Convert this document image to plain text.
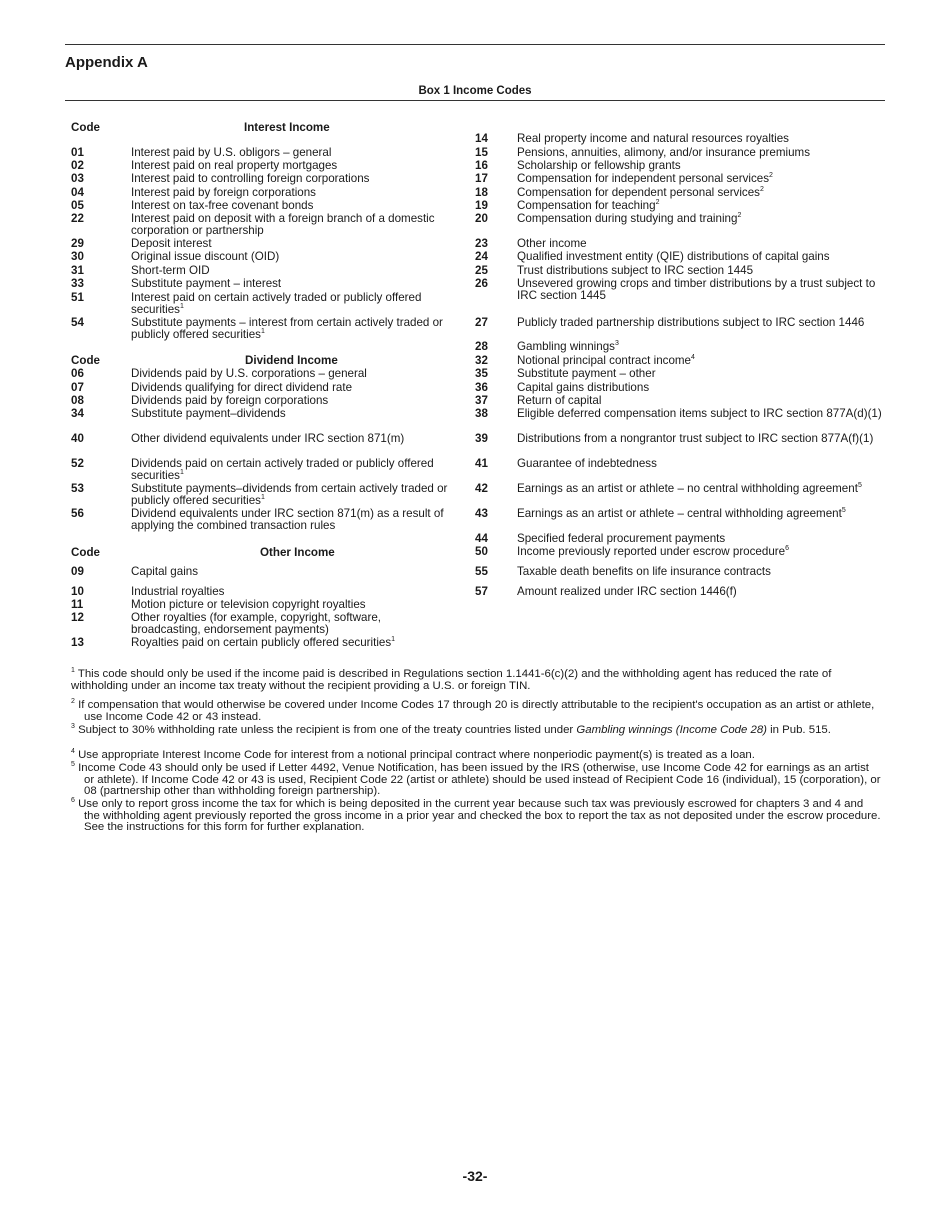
Appendix A
Box 1 Income Codes
Code	Interest Income
Code	Dividend Income
Code	Other Income
01	Interest paid by U.S. obligors – general
02	Interest paid on real property mortgages
03	Interest paid to controlling foreign corporations
04	Interest paid by foreign corporations
05	Interest on tax-free covenant bonds
22	Interest paid on deposit with a foreign branch of a domestic corporation or partnership
29	Deposit interest
30	Original issue discount (OID)
31	Short-term OID
33	Substitute payment – interest
51	Interest paid on certain actively traded or publicly offered securities$^1$
54	Substitute payments – interest from certain actively traded or publicly offered securities$^1$
06	Dividends paid by U.S. corporations – general
07	Dividends qualifying for direct dividend rate
08	Dividends paid by foreign corporations
34	Substitute payment–dividends
40	Other dividend equivalents under IRC section 871(m)
52	Dividends paid on certain actively traded or publicly offered securities$^1$
53	Substitute payments–dividends from certain actively traded or publicly offered securities$^1$
56	Dividend equivalents under IRC section 871(m) as a result of applying the combined transaction rules
09	Capital gains
10	Industrial royalties
11	Motion picture or television copyright royalties
12	Other royalties (for example, copyright, software, broadcasting, endorsement payments)
13	Royalties paid on certain publicly offered securities$^1$
14	Real property income and natural resources royalties
15	Pensions, annuities, alimony, and/or insurance premiums
16	Scholarship or fellowship grants
17	Compensation for independent personal services$^2$
18	Compensation for dependent personal services$^2$
19	Compensation for teaching$^2$
20	Compensation during studying and training$^2$
23	Other income
24	Qualified investment entity (QIE) distributions of capital gains
25	Trust distributions subject to IRC section 1445
26	Unsevered growing crops and timber distributions by a trust subject to IRC section 1445
27	Publicly traded partnership distributions subject to IRC section 1446
28	Gambling winnings$^3$
32	Notional principal contract income$^4$
35	Substitute payment – other
36	Capital gains distributions
37	Return of capital
38	Eligible deferred compensation items subject to IRC section 877A(d)(1)
39	Distributions from a nongrantor trust subject to IRC section 877A(f)(1)
41	Guarantee of indebtedness
42	Earnings as an artist or athlete – no central withholding agreement$^5$
43	Earnings as an artist or athlete – central withholding agreement$^5$
44	Specified federal procurement payments
50	Income previously reported under escrow procedure$^6$
55	Taxable death benefits on life insurance contracts
57	Amount realized under IRC section 1446(f)
$^1$ This code should only be used if the income paid is described in Regulations section 1.1441-6(c)(2) and the withholding agent has reduced the rate of withholding under an income tax treaty without the recipient providing a U.S. or foreign TIN.
$^2$ If compensation that would otherwise be covered under Income Codes 17 through 20 is directly attributable to the recipient's occupation as an artist or athlete, use Income Code 42 or 43 instead.
$^3$ Subject to 30% withholding rate unless the recipient is from one of the treaty countries listed under Gambling winnings (Income Code 28) in Pub. 515.
$^4$ Use appropriate Interest Income Code for interest from a notional principal contract where nonperiodic payment(s) is treated as a loan.
$^5$ Income Code 43 should only be used if Letter 4492, Venue Notification, has been issued by the IRS (otherwise, use Income Code 42 for earnings as an artist or athlete). If Income Code 42 or 43 is used, Recipient Code 22 (artist or athlete) should be used instead of Recipient Code 16 (individual), 15 (corporation), or 08 (partnership other than withholding foreign partnership).
$^6$ Use only to report gross income the tax for which is being deposited in the current year because such tax was previously escrowed for chapters 3 and 4 and the withholding agent previously reported the gross income in a prior year and checked the box to report the tax as not deposited under the escrow procedure. See the instructions for this form for further explanation.
-32-
